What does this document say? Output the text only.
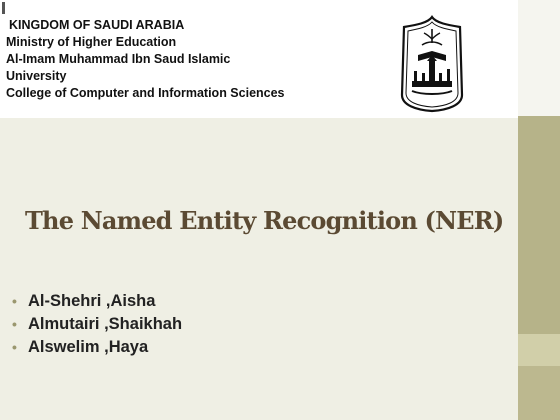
KINGDOM OF SAUDI ARABIA
Ministry of Higher Education
Al-Imam Muhammad Ibn Saud Islamic
University
College of Computer and Information Sciences
The Named Entity Recognition (NER)
• Al-Shehri ,Aisha
• Almutairi ,Shaikhah
• Alswelim ,Haya
